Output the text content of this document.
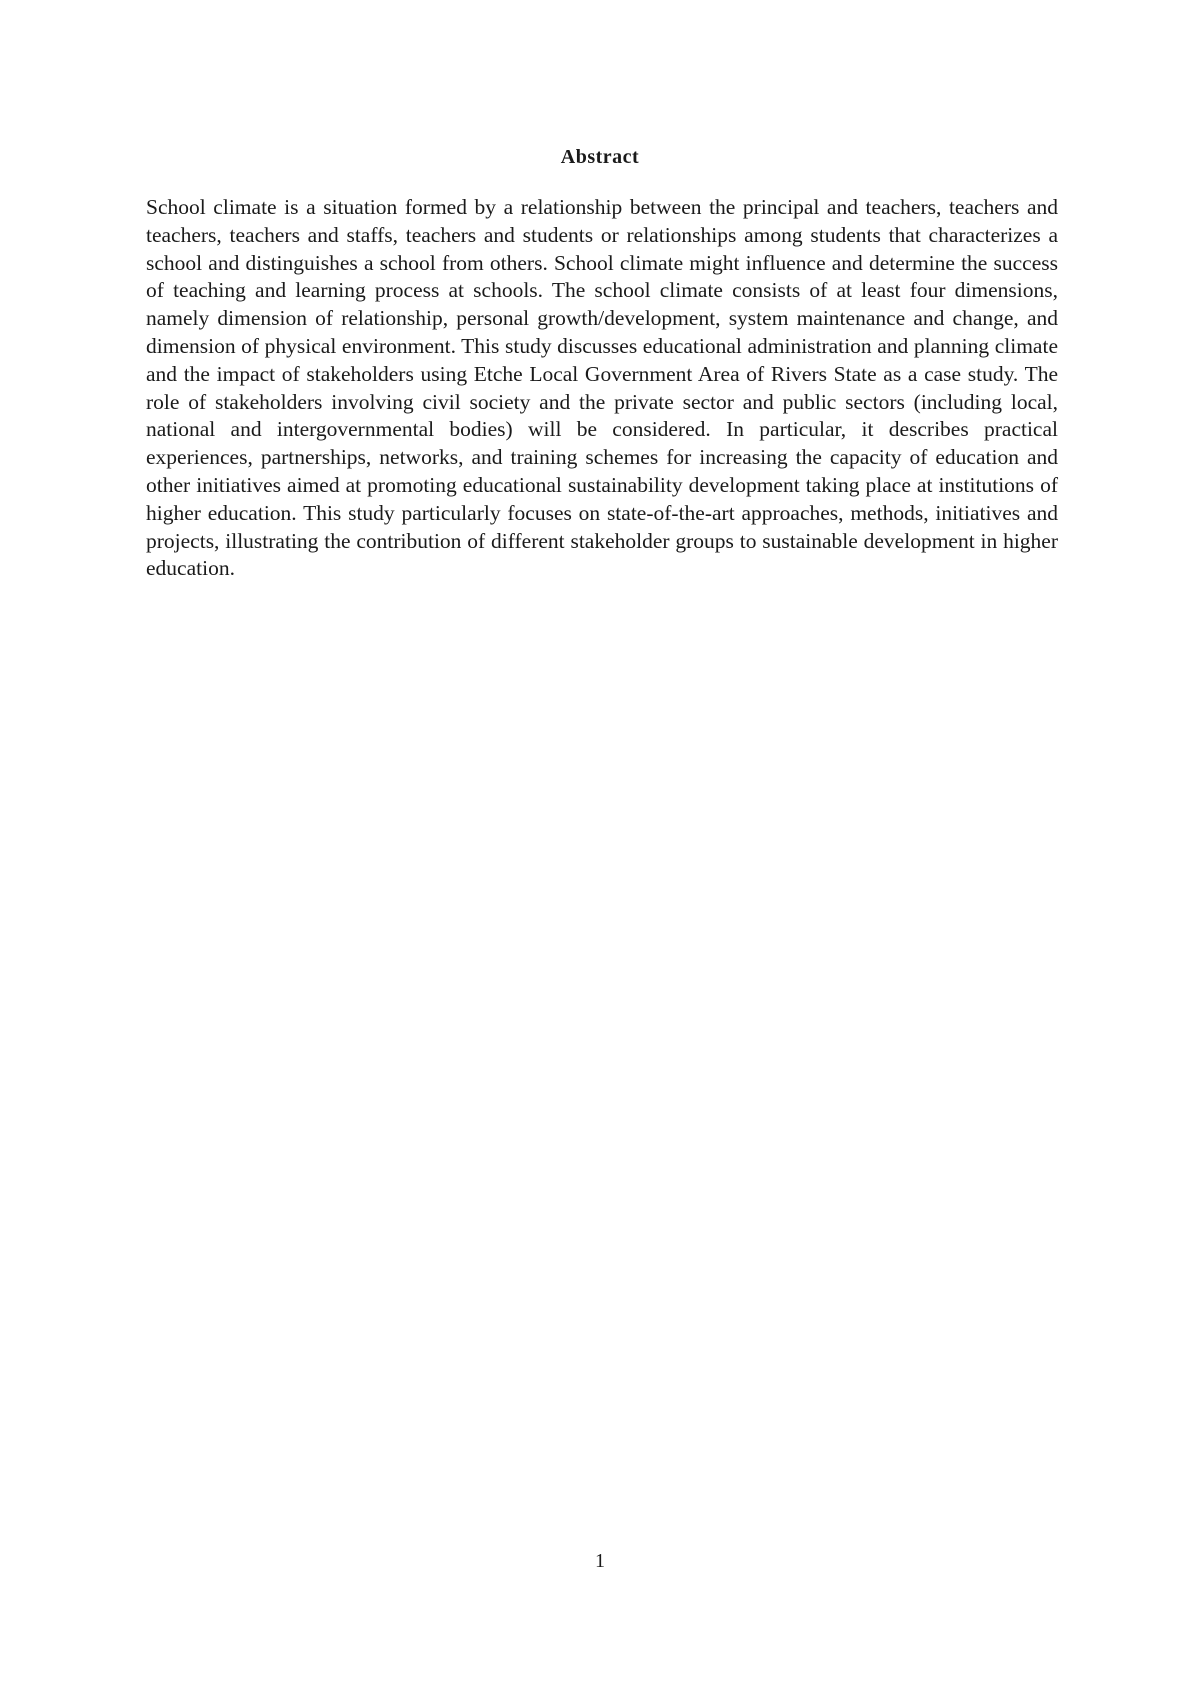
Abstract

School climate is a situation formed by a relationship between the principal and teachers, teachers and teachers, teachers and staffs, teachers and students or relationships among students that characterizes a school and distinguishes a school from others. School climate might influence and determine the success of teaching and learning process at schools. The school climate consists of at least four dimensions, namely dimension of relationship, personal growth/development, system maintenance and change, and dimension of physical environment. This study discusses educational administration and planning climate and the impact of stakeholders using Etche Local Government Area of Rivers State as a case study. The role of stakeholders involving civil society and the private sector and public sectors (including local, national and intergovernmental bodies) will be considered. In particular, it describes practical experiences, partnerships, networks, and training schemes for increasing the capacity of education and other initiatives aimed at promoting educational sustainability development taking place at institutions of higher education. This study particularly focuses on state-of-the-art approaches, methods, initiatives and projects, illustrating the contribution of different stakeholder groups to sustainable development in higher education.

1
